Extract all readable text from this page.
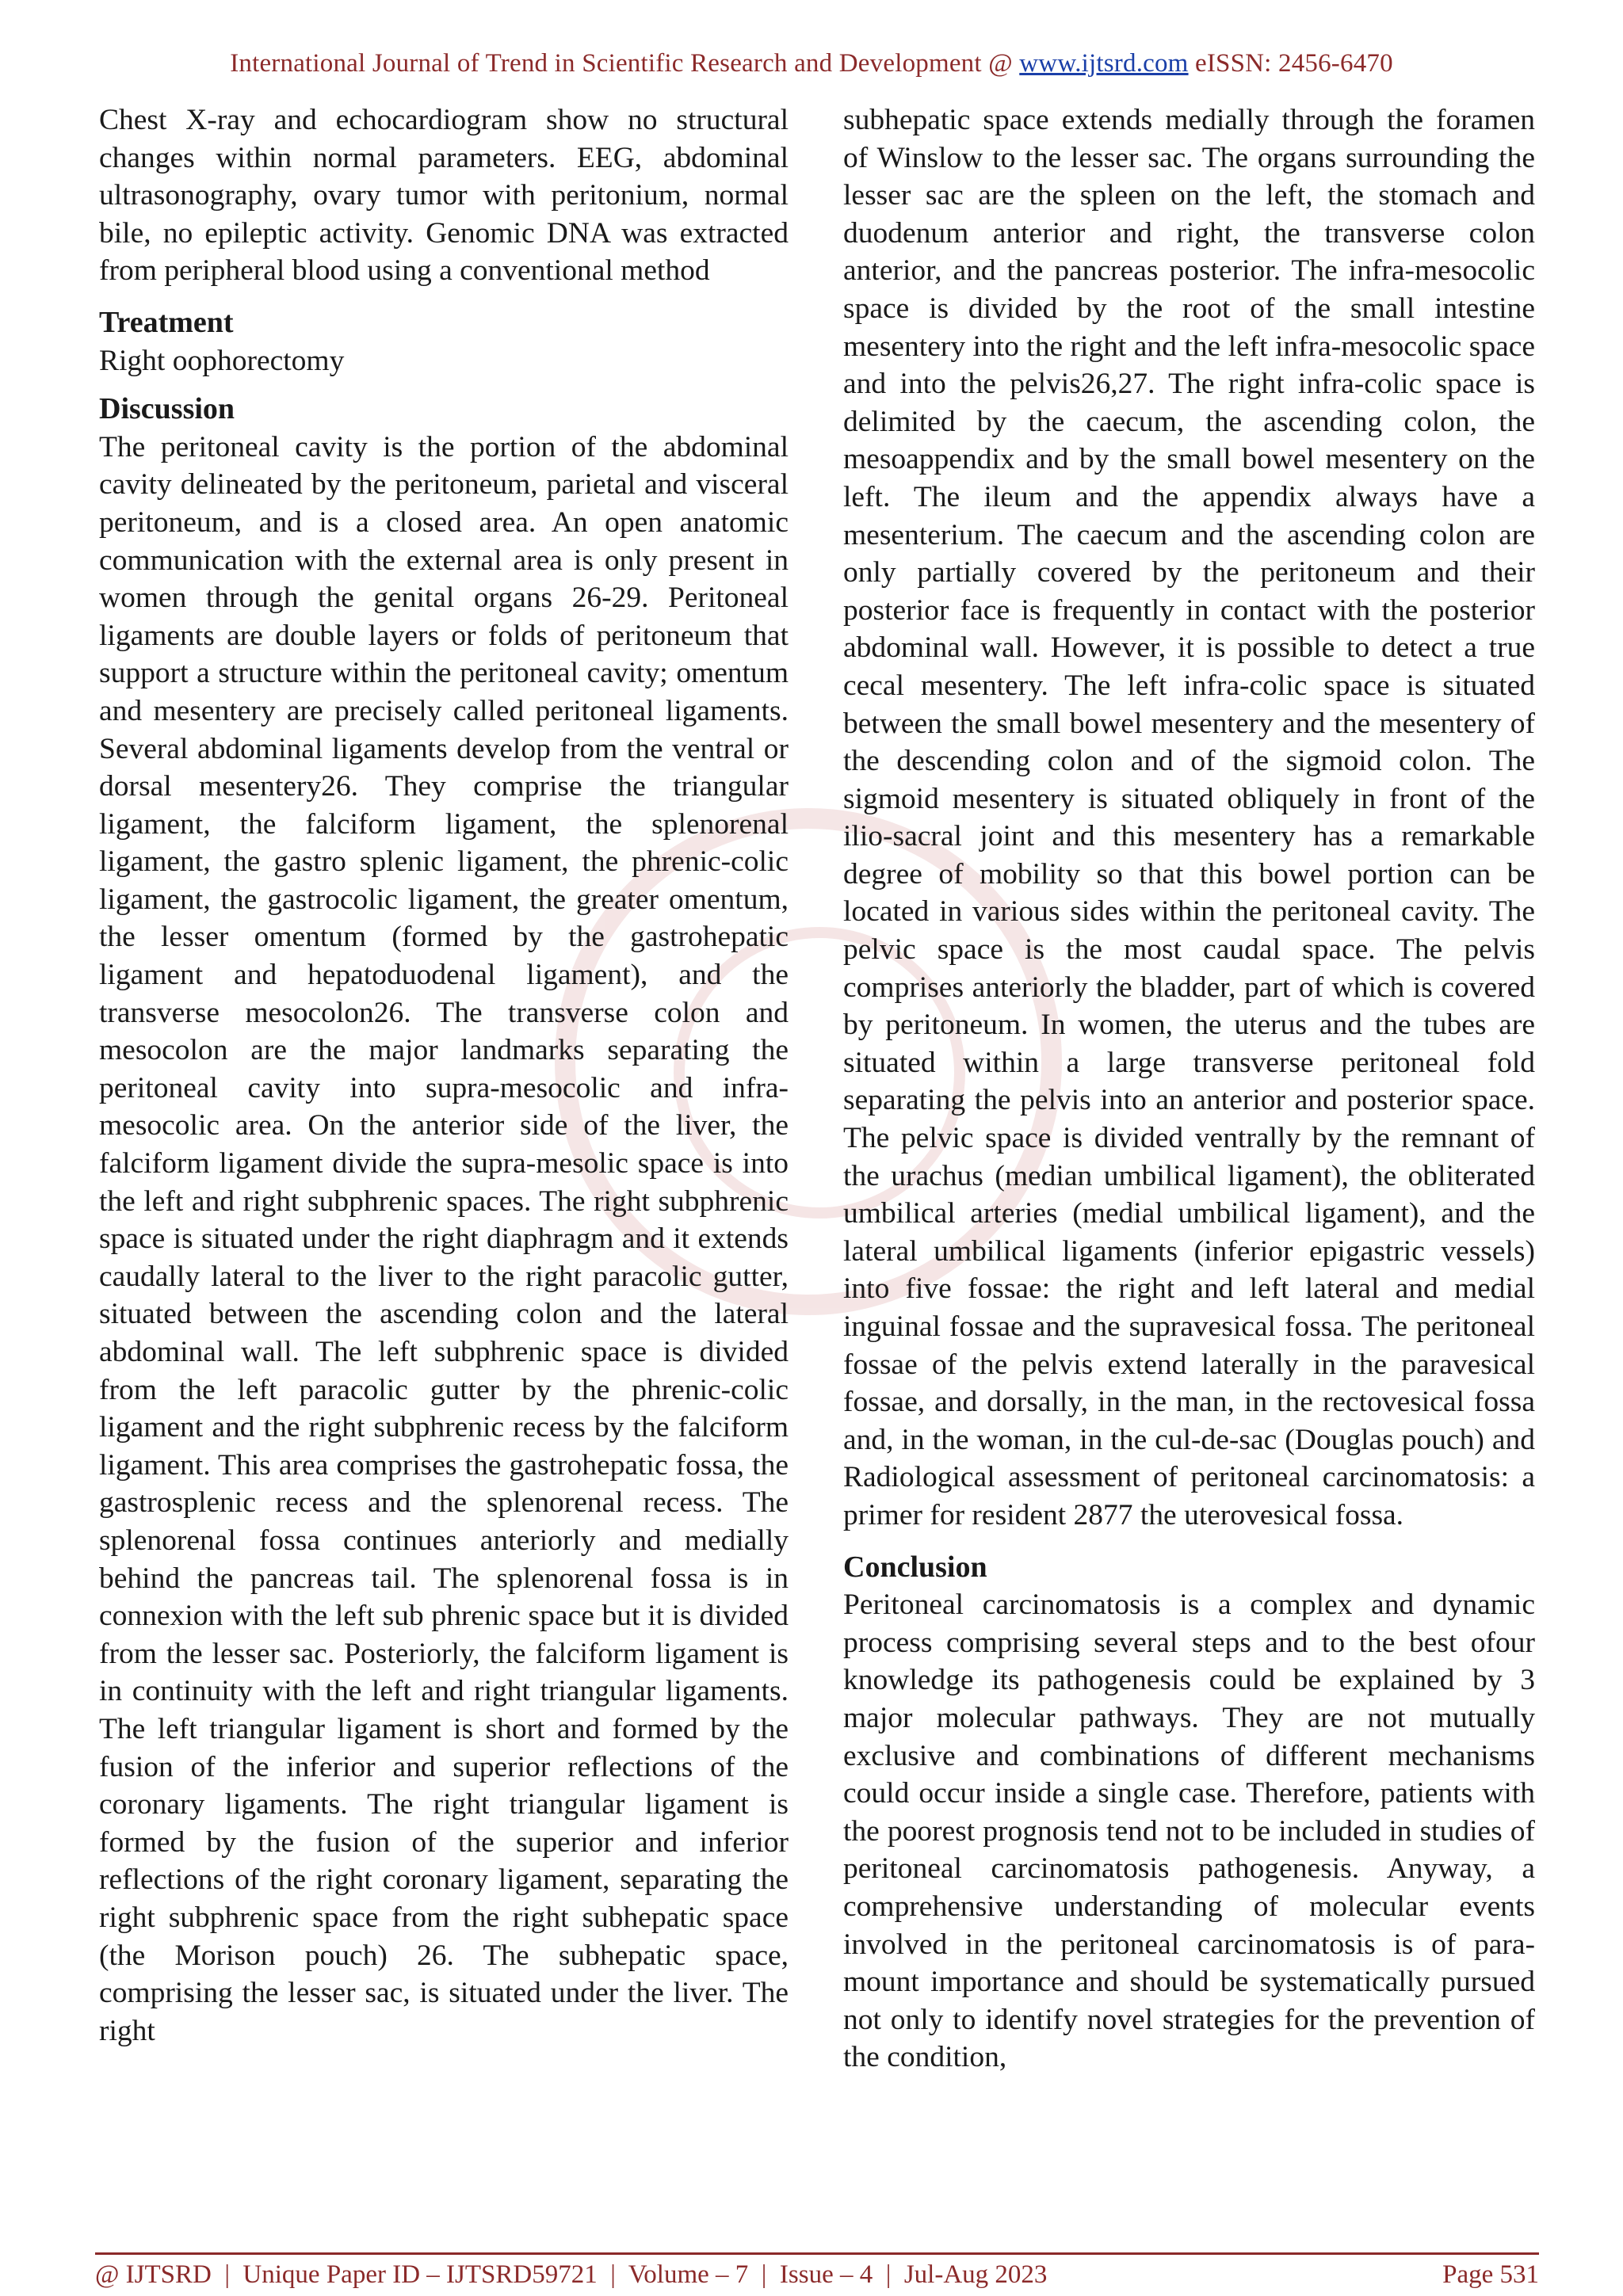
International Journal of Trend in Scientific Research and Development @ www.ijtsrd.com eISSN: 2456-6470

Chest X-ray and echocardiogram show no structural changes within normal parameters. EEG, abdominal ultrasonography, ovary tumor with peritonium, normal bile, no epileptic activity. Genomic DNA was extracted from peripheral blood using a conventional method

Treatment

Right oophorectomy

Discussion

The peritoneal cavity is the portion of the abdominal cavity delineated by the peritoneum, parietal and visceral peritoneum, and is a closed area. An open anatomic communication with the external area is only present in women through the genital organs 26-29. Peritoneal ligaments are double layers or folds of peritoneum that support a structure within the peritoneal cavity; omentum and mesentery are precisely called peritoneal ligaments. Several abdominal ligaments develop from the ventral or dorsal mesentery26. They comprise the triangular ligament, the falciform ligament, the splenorenal ligament, the gastro splenic ligament, the phrenic-colic ligament, the gastrocolic ligament, the greater omentum, the lesser omentum (formed by the gastrohepatic ligament and hepatoduodenal ligament), and the transverse mesocolon26. The transverse colon and mesocolon are the major landmarks separating the peritoneal cavity into supra-mesocolic and infra-mesocolic area. On the anterior side of the liver, the falciform ligament divide the supra-mesolic space is into the left and right subphrenic spaces. The right subphrenic space is situated under the right diaphragm and it extends caudally lateral to the liver to the right paracolic gutter, situated between the ascending colon and the lateral abdominal wall. The left subphrenic space is divided from the left paracolic gutter by the phrenic-colic ligament and the right subphrenic recess by the falciform ligament. This area comprises the gastrohepatic fossa, the gastrosplenic recess and the splenorenal recess. The splenorenal fossa continues anteriorly and medially behind the pancreas tail. The splenorenal fossa is in connexion with the left sub phrenic space but it is divided from the lesser sac. Posteriorly, the falciform ligament is in continuity with the left and right triangular ligaments. The left triangular ligament is short and formed by the fusion of the inferior and superior reflections of the coronary ligaments. The right triangular ligament is formed by the fusion of the superior and inferior reflections of the right coronary ligament, separating the right subphrenic space from the right subhepatic space (the Morison pouch) 26. The subhepatic space, comprising the lesser sac, is situated under the liver. The right

subhepatic space extends medially through the foramen of Winslow to the lesser sac. The organs surrounding the lesser sac are the spleen on the left, the stomach and duodenum anterior and right, the transverse colon anterior, and the pancreas posterior. The infra-mesocolic space is divided by the root of the small intestine mesentery into the right and the left infra-mesocolic space and into the pelvis26,27. The right infra-colic space is delimited by the caecum, the ascending colon, the mesoappendix and by the small bowel mesentery on the left. The ileum and the appendix always have a mesenterium. The caecum and the ascending colon are only partially covered by the peritoneum and their posterior face is frequently in contact with the posterior abdominal wall. However, it is possible to detect a true cecal mesentery. The left infra-colic space is situated between the small bowel mesentery and the mesentery of the descending colon and of the sigmoid colon. The sigmoid mesentery is situated obliquely in front of the ilio-sacral joint and this mesentery has a remarkable degree of mobility so that this bowel portion can be located in various sides within the peritoneal cavity. The pelvic space is the most caudal space. The pelvis comprises anteriorly the bladder, part of which is covered by peritoneum. In women, the uterus and the tubes are situated within a large transverse peritoneal fold separating the pelvis into an anterior and posterior space. The pelvic space is divided ventrally by the remnant of the urachus (median umbilical ligament), the obliterated umbilical arteries (medial umbilical ligament), and the lateral umbilical ligaments (inferior epigastric vessels) into five fossae: the right and left lateral and medial inguinal fossae and the supravesical fossa. The peritoneal fossae of the pelvis extend laterally in the paravesical fossae, and dorsally, in the man, in the rectovesical fossa and, in the woman, in the cul-de-sac (Douglas pouch) and Radiological assessment of peritoneal carcinomatosis: a primer for resident 2877 the uterovesical fossa.

Conclusion

Peritoneal carcinomatosis is a complex and dynamic process comprising several steps and to the best ofour knowledge its pathogenesis could be explained by 3 major molecular pathways. They are not mutually exclusive and combinations of different mechanisms could occur inside a single case. Therefore, patients with the poorest prognosis tend not to be included in studies of peritoneal carcinomatosis pathogenesis. Anyway, a comprehensive understanding of molecular events involved in the peritoneal carcinomatosis is of para-mount importance and should be systematically pursued not only to identify novel strategies for the prevention of the condition,

@ IJTSRD  |  Unique Paper ID – IJTSRD59721  |  Volume – 7  |  Issue – 4  |  Jul-Aug 2023	Page 531
